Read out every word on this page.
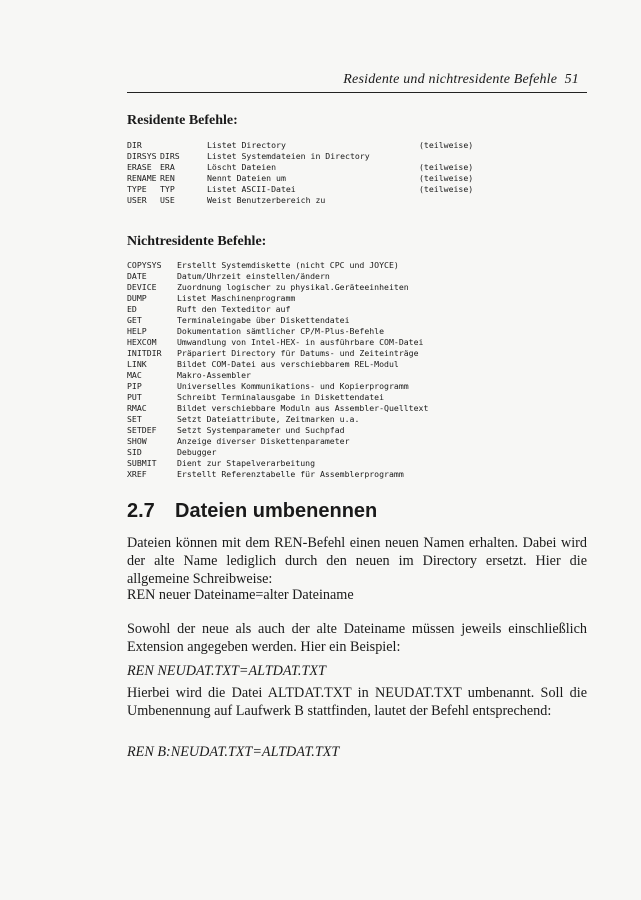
Residente und nichtresidente Befehle 51
Residente Befehle:
DIR	Listet Directory	(teilweise)
DIRSYS DIRS	Listet Systemdateien in Directory
ERASE ERA	Löscht Dateien	(teilweise)
RENAME REN	Nennt Dateien um	(teilweise)
TYPE TYP	Listet ASCII-Datei	(teilweise)
USER USE	Weist Benutzerbereich zu
Nichtresidente Befehle:
COPYSYS Erstellt Systemdiskette (nicht CPC und JOYCE)
DATE	Datum/Uhrzeit einstellen/ändern
DEVICE Zuordnung logischer zu physikal.Geräteeinheiten
DUMP	Listet Maschinenprogramm
ED	Ruft den Texteditor auf
GET	Terminaleingabe über Diskettendatei
HELP	Dokumentation sämtlicher CP/M-Plus-Befehle
HEXCOM Umwandlung von Intel-HEX- in ausführbare COM-Datei
INITDIR Präpariert Directory für Datums- und Zeiteinträge
LINK	Bildet COM-Datei aus verschiebbarem REL-Modul
MAC	Makro-Assembler
PIP	Universelles Kommunikations- und Kopierprogramm
PUT	Schreibt Terminalausgabe in Diskettendatei
RMAC	Bildet verschiebbare Moduln aus Assembler-Quelltext
SET	Setzt Dateiattribute, Zeitmarken u.a.
SETDEF Setzt Systemparameter und Suchpfad
SHOW	Anzeige diverser Diskettenparameter
SID	Debugger
SUBMIT Dient zur Stapelverarbeitung
XREF	Erstellt Referenztabelle für Assemblerprogramm
2.7 Dateien umbenennen

Dateien können mit dem REN-Befehl einen neuen Namen erhalten. Dabei wird der alte Name lediglich durch den neuen im Directory ersetzt. Hier die allgemeine Schreibweise:

REN neuer Dateiname=alter Dateiname

Sowohl der neue als auch der alte Dateiname müssen jeweils einschließlich Extension angegeben werden. Hier ein Beispiel:

REN NEUDAT.TXT=ALTDAT.TXT

Hierbei wird die Datei ALTDAT.TXT in NEUDAT.TXT umbenannt. Soll die Umbenennung auf Laufwerk B stattfinden, lautet der Befehl entsprechend:

REN B:NEUDAT.TXT=ALTDAT.TXT
